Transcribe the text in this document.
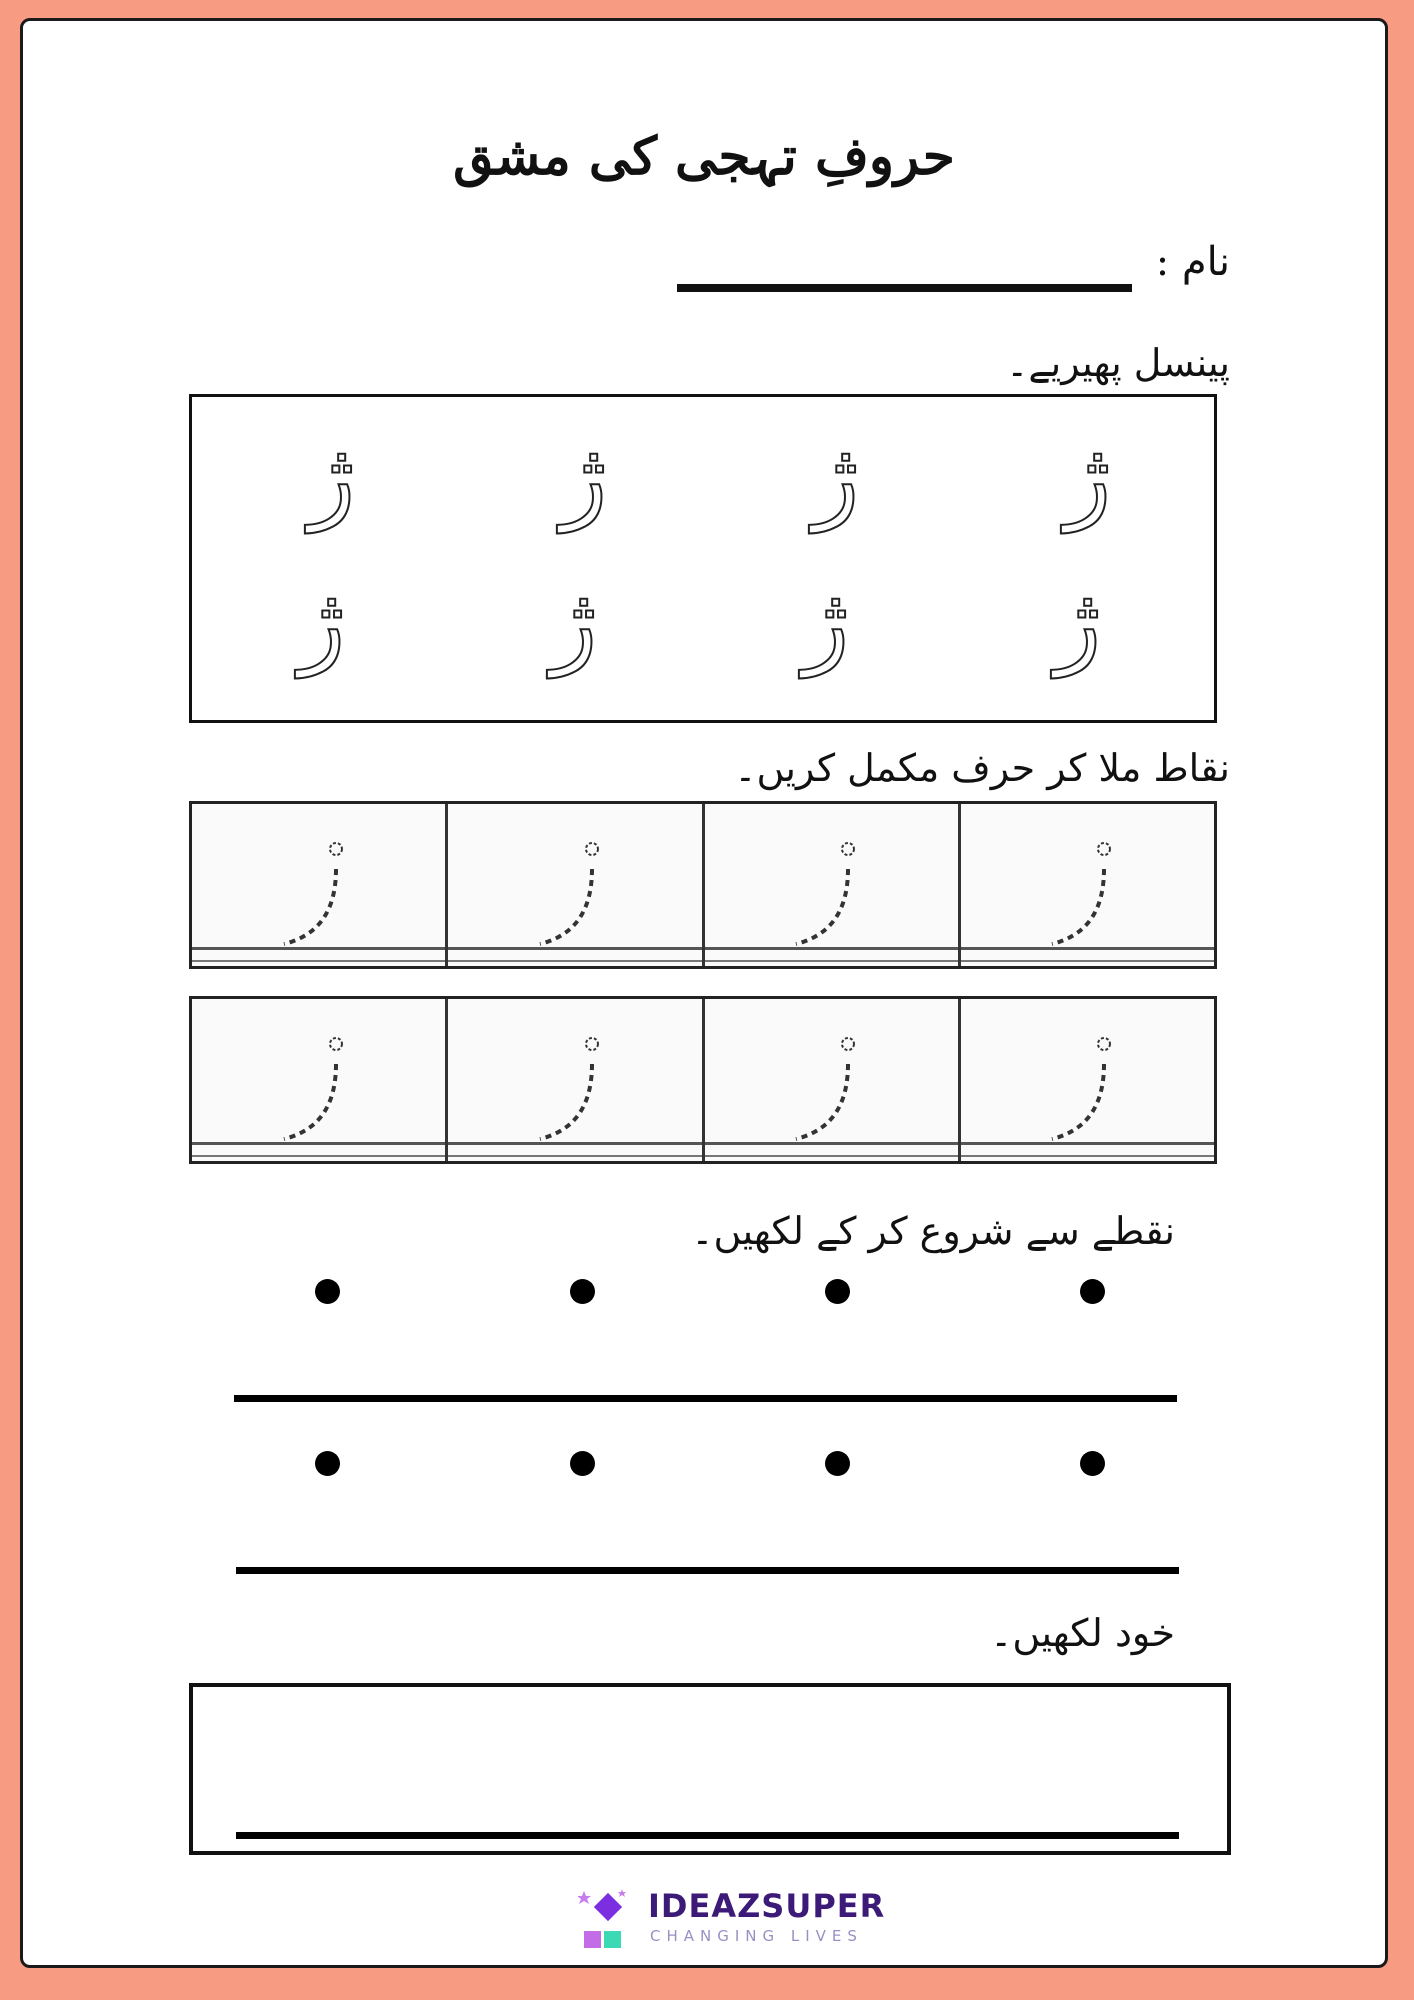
حروفِ تہجی کی مشق
نام :
پینسل پھیریے۔
ژ ژ ژ ژ
ژ ژ ژ ژ
نقاط ملا کر حرف مکمل کریں۔
نقطے سے شروع کر کے لکھیں۔
خود لکھیں۔
IDEAZSUPER
CHANGING LIVES
